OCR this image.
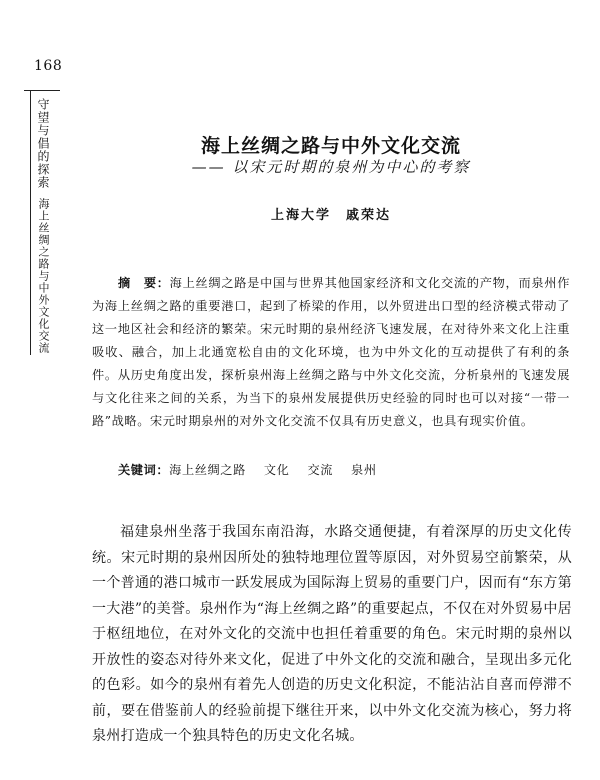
168
守望与倡的探索
海上丝绸之路与中外文化交流
海上丝绸之路与中外文化交流
—— 以宋元时期的泉州为中心的考察
上海大学　戚荣达

摘　要：海上丝绸之路是中国与世界其他国家经济和文化交流的产物，而泉州作为海上丝绸之路的重要港口，起到了桥梁的作用，以外贸进出口型的经济模式带动了这一地区社会和经济的繁荣。宋元时期的泉州经济飞速发展，在对待外来文化上注重吸收、融合，加上北通宽松自由的文化环境，也为中外文化的互动提供了有利的条件。从历史角度出发，探析泉州海上丝绸之路与中外文化交流，分析泉州的飞速发展与文化往来之间的关系，为当下的泉州发展提供历史经验的同时也可以对接“一带一路”战略。宋元时期泉州的对外文化交流不仅具有历史意义，也具有现实价值。

关键词：海上丝绸之路 文化 交流 泉州

福建泉州坐落于我国东南沿海，水路交通便捷，有着深厚的历史文化传统。宋元时期的泉州因所处的独特地理位置等原因，对外贸易空前繁荣，从一个普通的港口城市一跃发展成为国际海上贸易的重要门户，因而有“东方第一大港”的美誉。泉州作为“海上丝绸之路”的重要起点，不仅在对外贸易中居于枢纽地位，在对外文化的交流中也担任着重要的角色。宋元时期的泉州以开放性的姿态对待外来文化，促进了中外文化的交流和融合，呈现出多元化的色彩。如今的泉州有着先人创造的历史文化积淀，不能沾沾自喜而停滞不前，要在借鉴前人的经验前提下继往开来，以中外文化交流为核心，努力将泉州打造成一个独具特色的历史文化名城。
